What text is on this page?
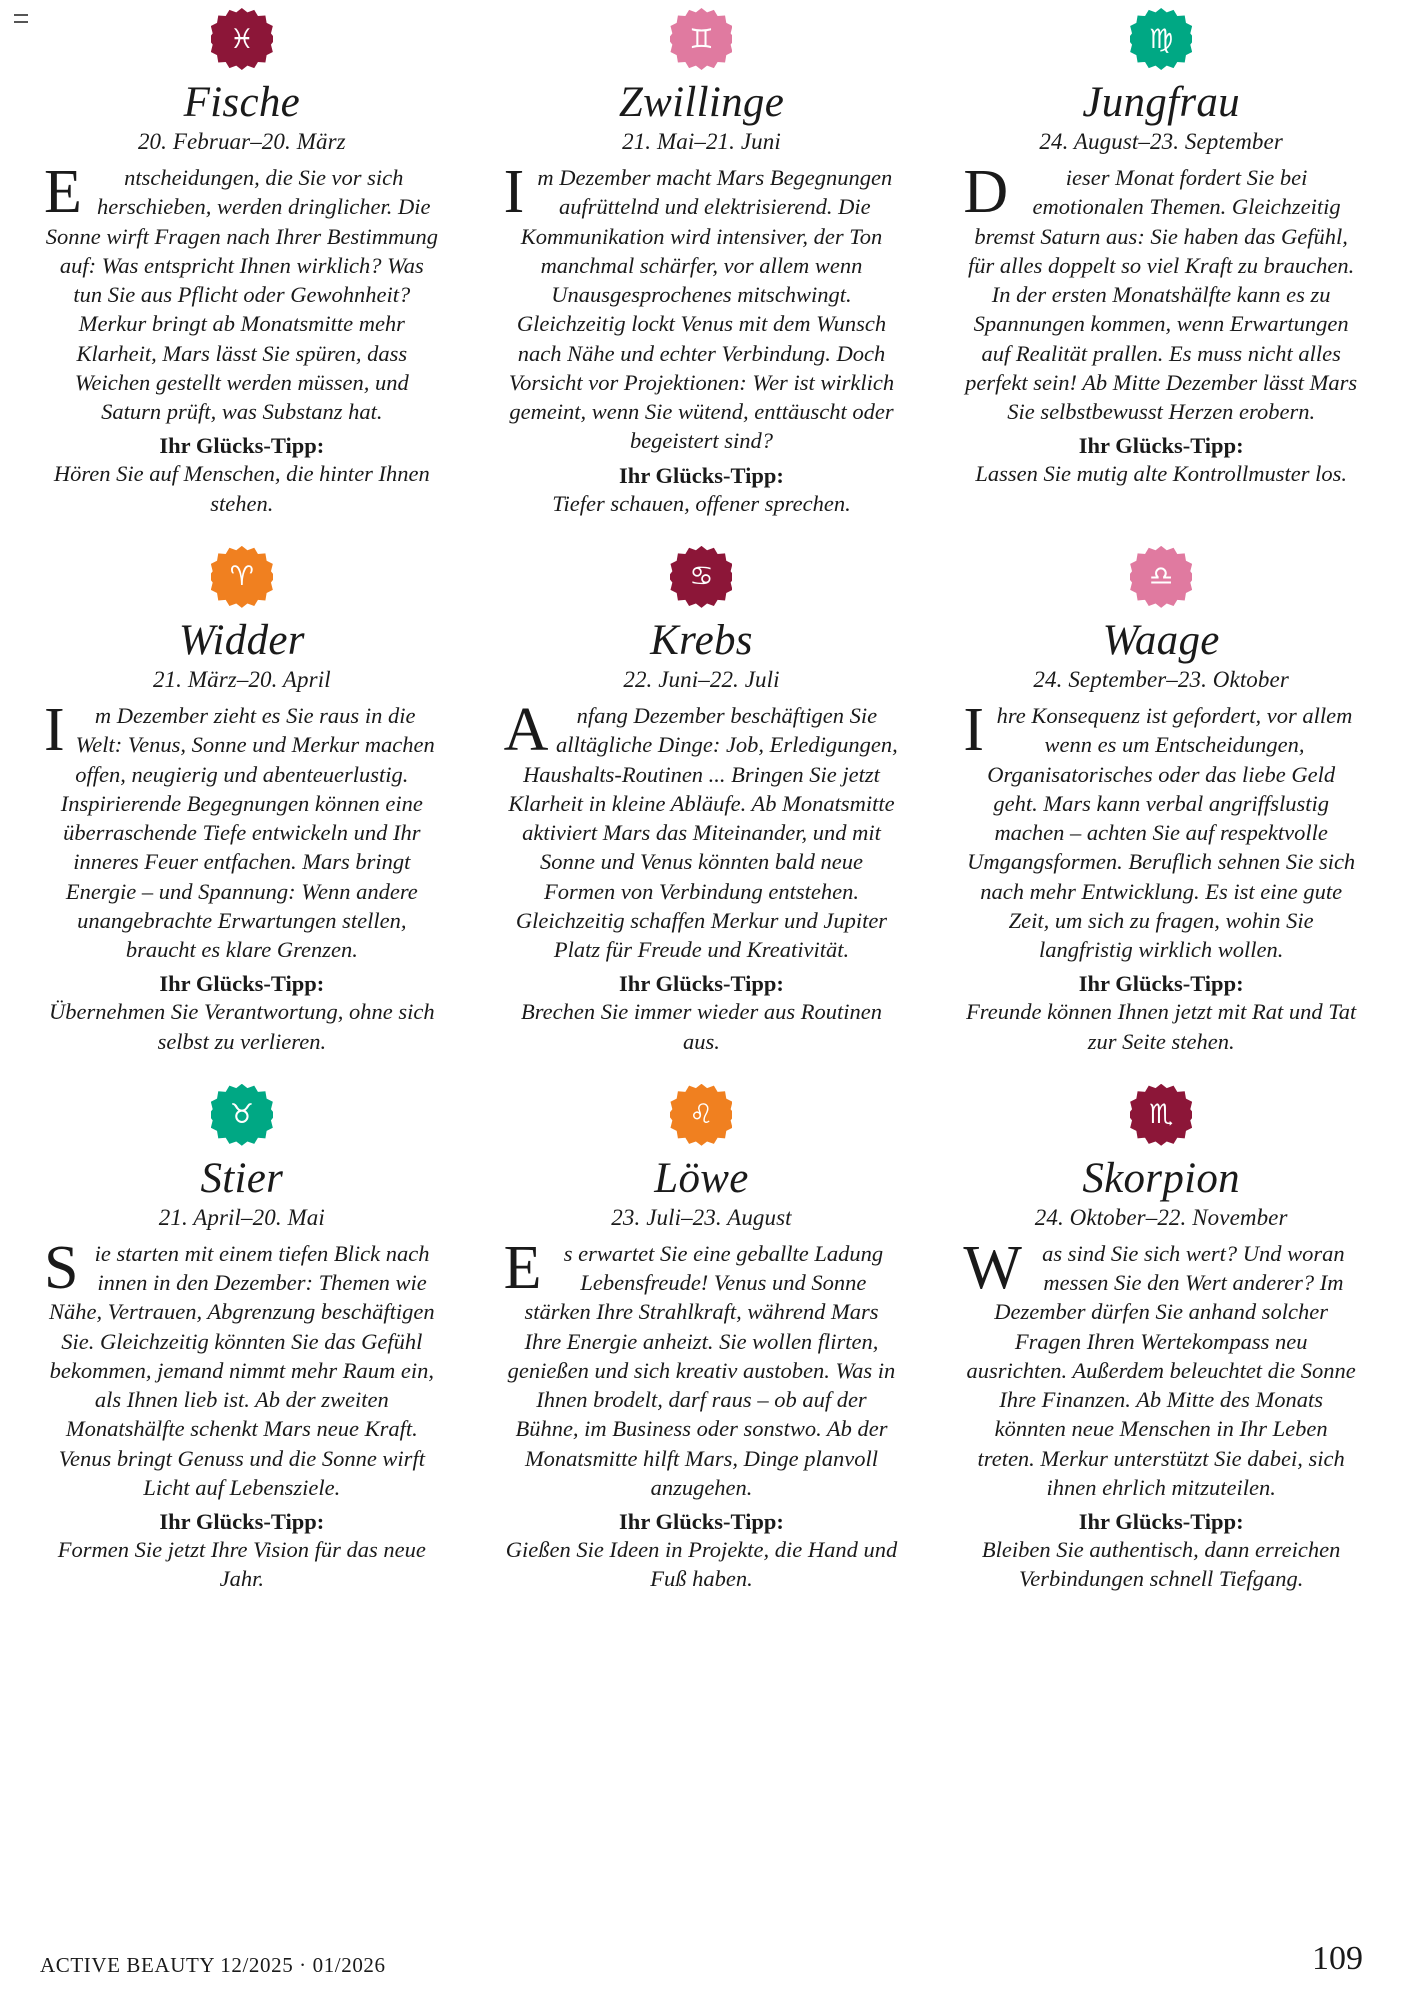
♓
Fische
20. Februar–20. März

E ntscheidungen, die Sie vor sich herschieben, werden dringlicher. Die Sonne wirft Fragen nach Ihrer Bestimmung auf: Was entspricht Ihnen wirklich? Was tun Sie aus Pflicht oder Gewohnheit? Merkur bringt ab Monatsmitte mehr Klarheit, Mars lässt Sie spüren, dass Weichen gestellt werden müssen, und Saturn prüft, was Substanz hat.

Ihr Glücks-Tipp:

Hören Sie auf Menschen, die hinter Ihnen stehen.

♊
Zwillinge
21. Mai–21. Juni

Im Dezember macht Mars Begegnungen aufrüttelnd und elektrisierend. Die Kommunikation wird intensiver, der Ton manchmal schärfer, vor allem wenn Unausgesprochenes mitschwingt. Gleichzeitig lockt Venus mit dem Wunsch nach Nähe und echter Verbindung. Doch Vorsicht vor Projektionen: Wer ist wirklich gemeint, wenn Sie wütend, enttäuscht oder begeistert sind?

Ihr Glücks-Tipp:

Tiefer schauen, offener sprechen.

♍
Jungfrau
24. August–23. September

D	ieser Monat fordert Sie bei emotionalen Themen. Gleichzeitig bremst Saturn aus: Sie haben das Gefühl, für alles doppelt so viel Kraft zu brauchen. In der ersten Monatshälfte kann es zu Spannungen kommen, wenn Erwartungen auf Realität prallen. Es muss nicht alles perfekt sein! Ab Mitte Dezember lässt Mars Sie selbstbewusst Herzen erobern.

Ihr Glücks-Tipp:

Lassen Sie mutig alte Kontrollmuster los.

♈
Widder
21. März–20. April

I m Dezember zieht es Sie raus in die Welt: Venus, Sonne und Merkur machen offen, neugierig und abenteuerlustig. Inspirierende Begegnungen können eine überraschende Tiefe entwickeln und Ihr inneres Feuer entfachen. Mars bringt Energie – und Spannung: Wenn andere unangebrachte Erwartungen stellen, braucht es klare Grenzen.

Ihr Glücks-Tipp:

Übernehmen Sie Verantwortung, ohne sich selbst zu verlieren.

♋
Krebs
22. Juni–22. Juli

A nfang Dezember beschäftigen Sie alltägliche Dinge: Job, Erledigungen, Haushalts-Routinen ... Bringen Sie jetzt Klarheit in kleine Abläufe. Ab Monatsmitte aktiviert Mars das Miteinander, und mit Sonne und Venus könnten bald neue Formen von Verbindung entstehen. Gleichzeitig schaffen Merkur und Jupiter Platz für Freude und Kreativität.

Ihr Glücks-Tipp:

Brechen Sie immer wieder aus Routinen aus.

♎
Waage
24. September–23. Oktober

Ihre Konsequenz ist gefordert, vor allem wenn es um Entscheidungen, Organisatorisches oder das liebe Geld geht. Mars kann verbal angriffslustig machen – achten Sie auf respektvolle Umgangsformen. Beruflich sehnen Sie sich nach mehr Entwicklung. Es ist eine gute Zeit, um sich zu fragen, wohin Sie langfristig wirklich wollen.

Ihr Glücks-Tipp:

Freunde können Ihnen jetzt mit Rat und Tat zur Seite stehen.

♉
Stier
21. April–20. Mai

Sie starten mit einem tiefen Blick nach innen in den Dezember: Themen wie Nähe, Vertrauen, Abgrenzung beschäftigen Sie. Gleichzeitig könnten Sie das Gefühl bekommen, jemand nimmt mehr Raum ein, als Ihnen lieb ist. Ab der zweiten Monatshälfte schenkt Mars neue Kraft. Venus bringt Genuss und die Sonne wirft Licht auf Lebensziele.

Ihr Glücks-Tipp:

Formen Sie jetzt Ihre Vision für das neue Jahr.

♌
Löwe
23. Juli–23. August

Es erwartet Sie eine geballte Ladung Lebensfreude! Venus und Sonne stärken Ihre Strahlkraft, während Mars Ihre Energie anheizt. Sie wollen flirten, genießen und sich kreativ austoben. Was in Ihnen brodelt, darf raus – ob auf der Bühne, im Business oder sonstwo. Ab der Monatsmitte hilft Mars, Dinge planvoll anzugehen.

Ihr Glücks-Tipp:

Gießen Sie Ideen in Projekte, die Hand und Fuß haben.

♏
Skorpion
24. Oktober–22. November

Was sind Sie sich wert? Und woran messen Sie den Wert anderer? Im Dezember dürfen Sie anhand solcher Fragen Ihren Wertekompass neu ausrichten. Außerdem beleuchtet die Sonne Ihre Finanzen. Ab Mitte des Monats könnten neue Menschen in Ihr Leben treten. Merkur unterstützt Sie dabei, sich ihnen ehrlich mitzuteilen.

Ihr Glücks-Tipp:

Bleiben Sie authentisch, dann erreichen Verbindungen schnell Tiefgang.

ACTIVE BEAUTY 12/2025 · 01/2026	109
